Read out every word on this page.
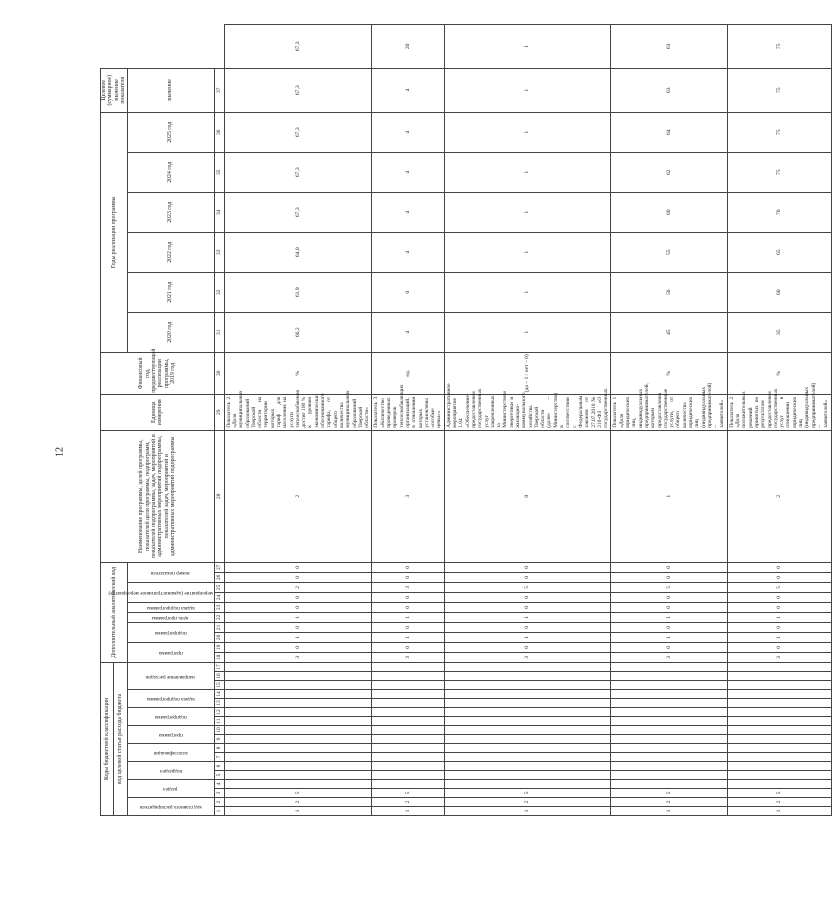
12
Коды бюджетной классификации																	Дополнительный аналитический код										Наименование программы, целей программы, показателей цели программы, подпрограмм, показателей подпрограммы, задач, мероприятий и административных мероприятий подпрограммы, показателей задач, мероприятий и административных мероприятий подпрограммы	Единица измерения	Финансовый год, предшествующий реализации программы, 2019 год	Годы реализации программы						Целевое (суммарное) значение показателя	
код целевой статьи расхода бюджета																																					

код главного распорядителя		раздел		подраздел		классификация		программа		подпрограмма		задача подпрограммы		направление расходов			программа		подпрограмма		цель программы	задача подпрограммы	мероприятие (административное мероприятие)		номер показателя					2020 год	2021 год	2022 год	2023 год	2024 год	2025 год	значение	
1	2	3	4	5	6	7	8	9	10	11	12	13	14	15	16	17	18	19	20	21	22	23	24	25	26	27	28	29	30	31	32	33	34	35	36	37	
1	2	5															3	0	1	0	1	0	0	2	0	0	2	Показатель 2 «Доля муниципальных образований Тверской области на территории которых тариф для населения на услуги теплоснабжения достиг 100 % к уровню экономически обоснованного тарифа, от общего количества муниципальных образований Тверской области»	%	66,2	61,9	64,0	67,3	67,3	67,3	67,3	67,3
1	2	5															3	0	1	0	1	0	0	3	0	0	3	Показатель 3 «Количество проведенных проверок теплоснабжающих организаций, в отношении которых установлены «особые цены»»	ед.	4	0	4	4	4	4	4	20
1	2	5															3	0	1	0	1	0	0	5	0	0	0	Административное мероприятие 1.04 «Обеспечение предоставления государственных услуг закрепленных за Министерством энергетики и жилищно-коммунального хозяйства Тверской области (далее – Министерство) в соответствии с Федеральным законом от 27.07.2010 № 210-ФЗ «О государственных	(да – 1 / нет – 0)	1	1	1	1	1	1	1	1
1	2	5															3	0	1	0	1	0	0	5	0	0	1	Показатель 1 «Доля юридических лиц, индивидуальных предпринимателей, которым предоставлены государственные услуги, от общего количества юридических лиц (индивидуальных предпринимателей) – заявителей»	%	45	56	55	60	62	64	63	63
1	2	5															3	0	1	0	1	0	0	5	0	0	2	Показатель 2 «Доля положительных решений принятых по результатам предоставления государственных услуг в отношении юридических лиц (индивидуальных предпринимателей) – заявителей»	%	35	60	65	70	75	75	75	75
